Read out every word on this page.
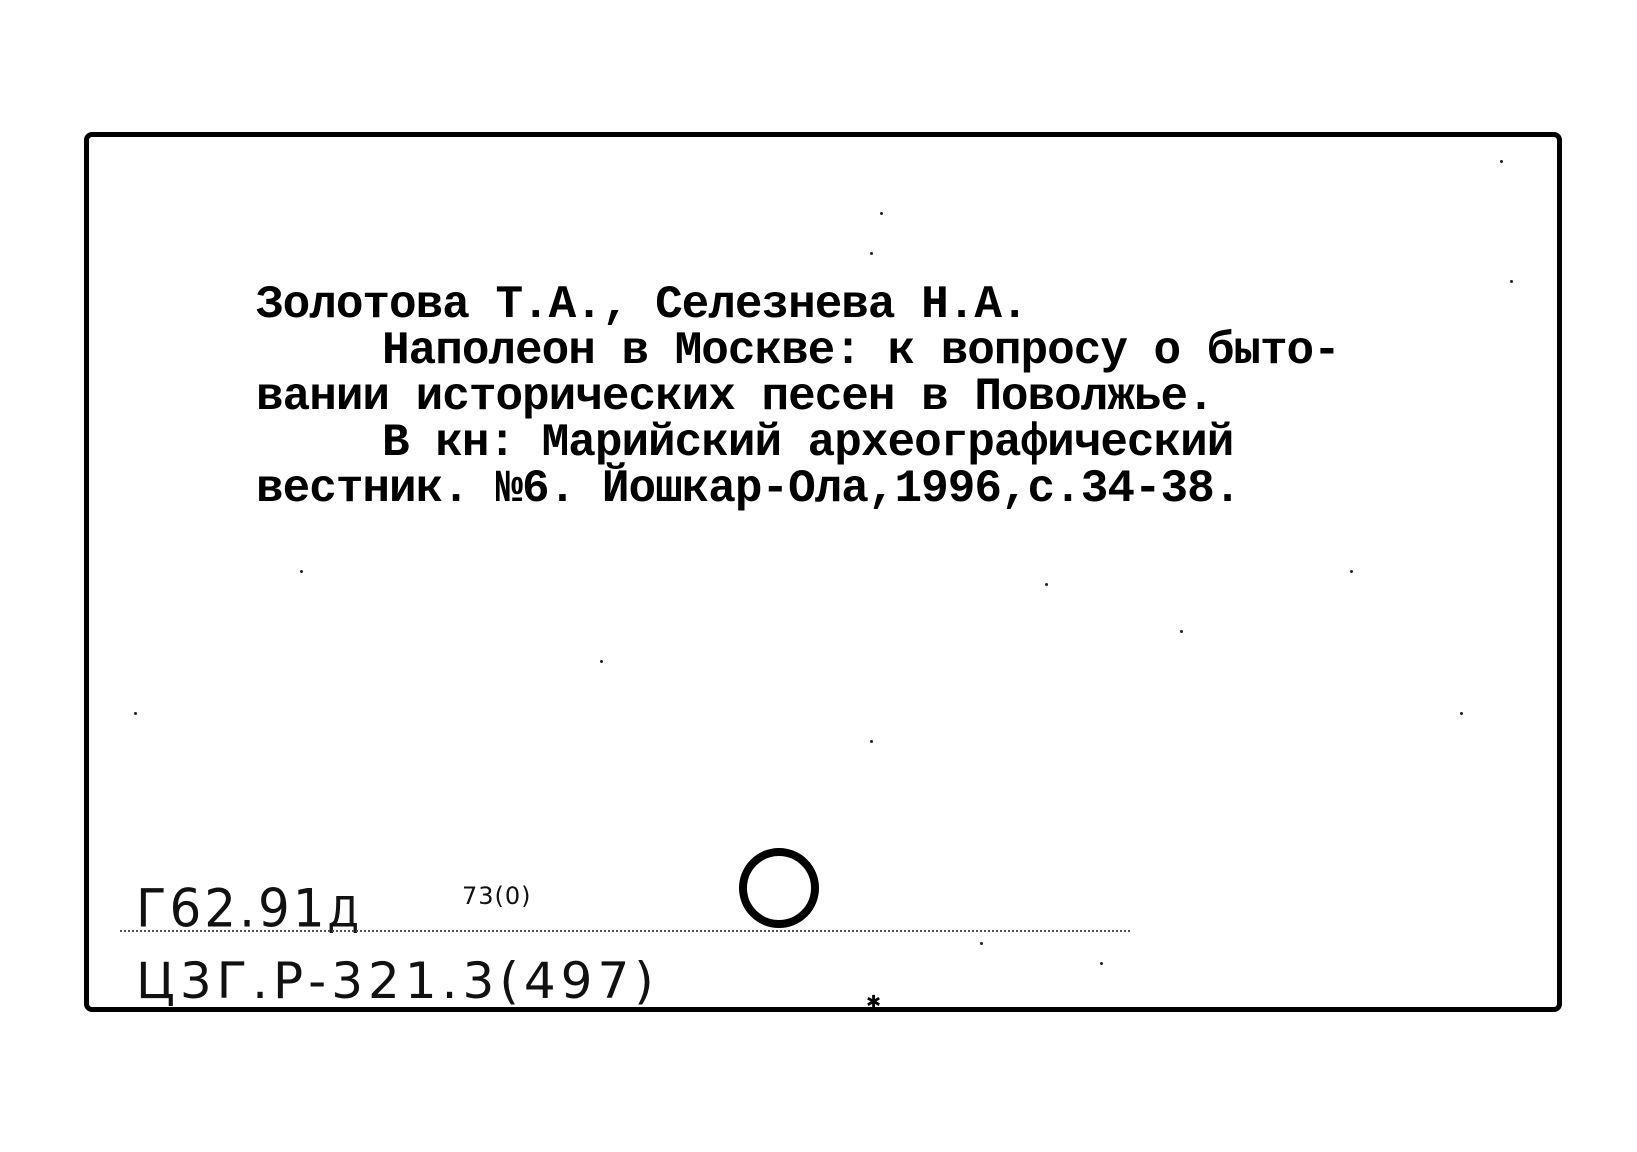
Золотова Т.А., Селезнева Н.А.
Наполеон в Москве: к вопросу о быто-
вании исторических песен в Поволжье.
В кн: Марийский археографический
вестник. №6. Йошкар-Ола,1996,с.34-38.
Г62.91Д	73(0)
Ц3Г.Р-321.3(497)	✱
